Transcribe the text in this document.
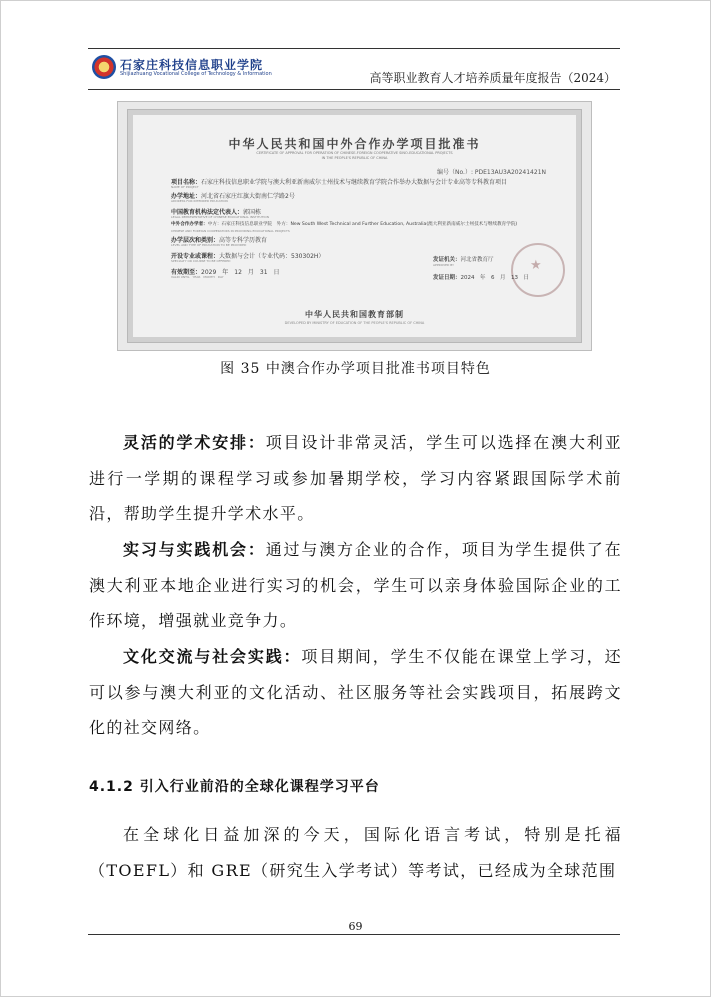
石家庄科技信息职业学院
Shijiazhuang Vocational College of Technology & Information	高等职业教育人才培养质量年度报告（2024）
中华人民共和国中外合作办学项目批准书
CERTIFICATE OF APPROVAL FOR OPERATION OF CHINESE-FOREIGN COOPERATIVE SINO-EDUCATIONAL PROJECTS
IN THE PEOPLE'S REPUBLIC OF CHINA
编号（No.）: PDE13AU3A20241421N
项目名称：石家庄科技信息职业学院与澳大利亚新南威尔士州技术与继续教育学院合作举办大数据与会计专业高等专科教育项目
NAME OF PROJECT
办学地址：河北省石家庄红旗大街南仁学路2号
ADDRESS FOR INTENDED EDUCATION
中国教育机构法定代表人：郭国栋
LEGAL REPRESENTATIVE OF CHINESE EDUCATIONAL INSTITUTION
中外合作办学者：中方：石家庄科技信息职业学院　外方：New South West Technical and Further Education, Australia(澳大利亚新南威尔士州技术与继续教育学院)
CHINESE AND FOREIGN COOPERATORS IN PROVIDING EDUCATIONAL PROJECTS
办学层次和类别：高等专科学历教育
LEVEL AND TYPE OF EDUCATION TO BE PROVIDED
开设专业或课程：大数据与会计（专业代码：530302H）
SPECIALTY OR COURSE TO BE OFFERED
有效期至：2029　年　12　月　31　日
VALID UNTIL　YEAR　MONTH　DAY
★
发证机关：河北省教育厅
APPROVED BY
发证日期：2024　年　6　月　13　日
中华人民共和国教育部制
DEVELOPED BY MINISTRY OF EDUCATION OF THE PEOPLE'S REPUBLIC OF CHINA
图 35 中澳合作办学项目批准书项目特色
灵活的学术安排：项目设计非常灵活，学生可以选择在澳大利亚进行一学期的课程学习或参加暑期学校，学习内容紧跟国际学术前沿，帮助学生提升学术水平。
实习与实践机会：通过与澳方企业的合作，项目为学生提供了在澳大利亚本地企业进行实习的机会，学生可以亲身体验国际企业的工作环境，增强就业竞争力。
文化交流与社会实践：项目期间，学生不仅能在课堂上学习，还可以参与澳大利亚的文化活动、社区服务等社会实践项目，拓展跨文化的社交网络。
4.1.2 引入行业前沿的全球化课程学习平台
在全球化日益加深的今天，国际化语言考试，特别是托福（TOEFL）和 GRE（研究生入学考试）等考试，已经成为全球范围
69
